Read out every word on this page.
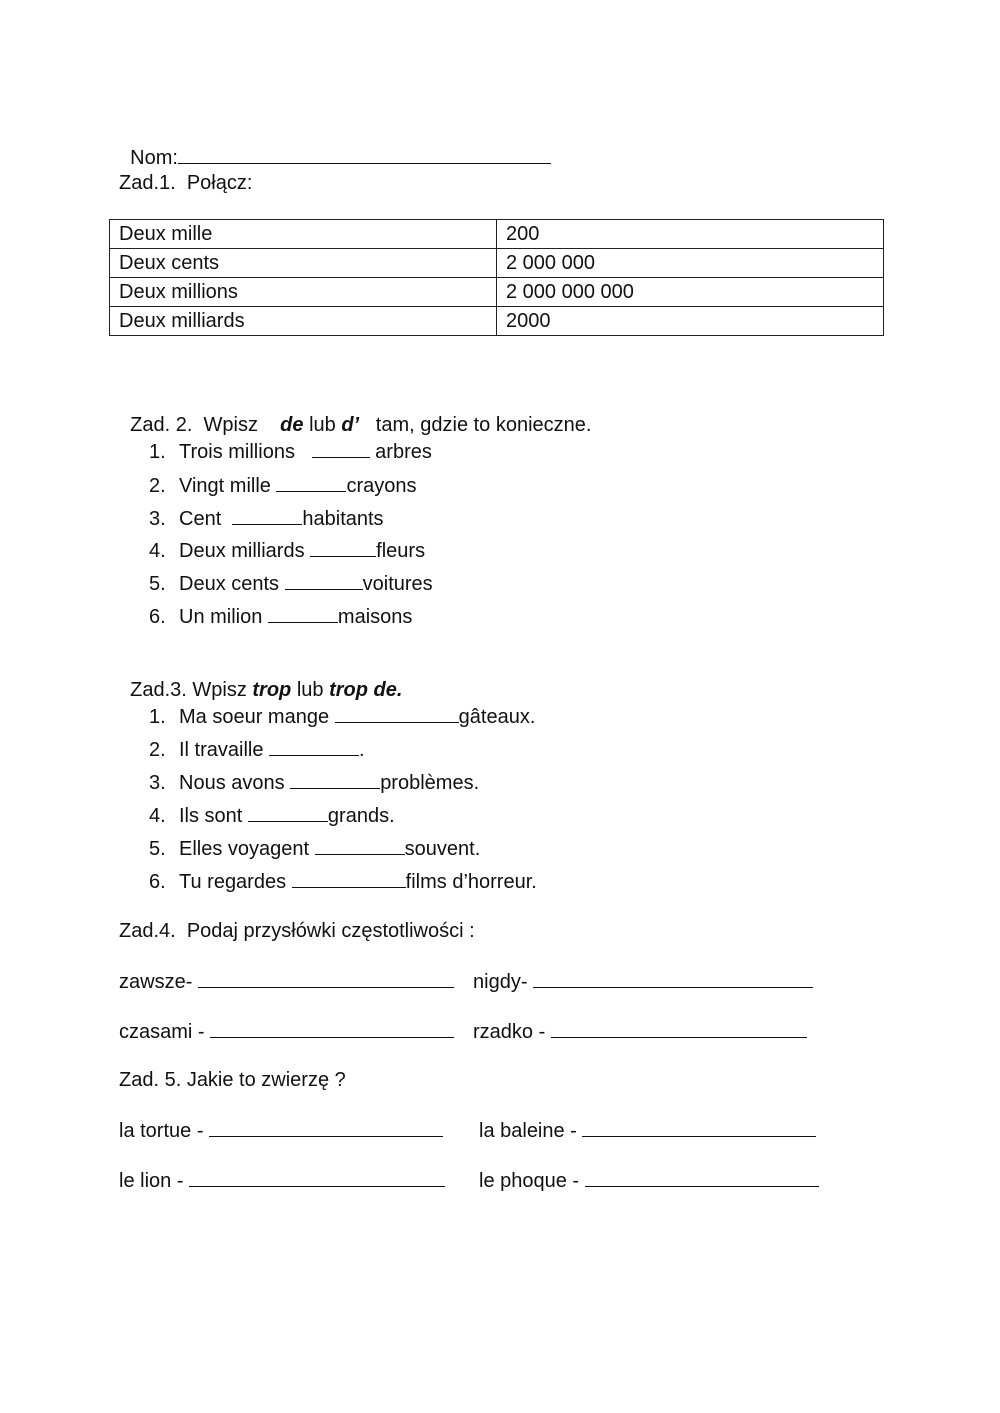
Nom:

Zad.1.  Połącz:
Deux mille	200
Deux cents	2 000 000
Deux millions	2 000 000 000
Deux milliards	2000

Zad. 2.  Wpisz de lub d’ tam, gdzie to konieczne.

1. Trois millions	arbres
2. Vingt mille	crayons
3. Cent	habitants
4. Deux milliards	fleurs
5. Deux cents	voitures
6. Un milion	maisons

Zad.3. Wpisz trop lub trop de.

1. Ma soeur mange	gâteaux.
2. Il travaille	.
3. Nous avons	problèmes.
4. Ils sont	grands.
5. Elles voyagent	souvent.
6. Tu regardes	films d’horreur.
Zad.4.  Podaj przysłówki częstotliwości :
zawsze-	nigdy-
czasami -	rzadko -
Zad. 5. Jakie to zwierzę ?
la tortue -	la baleine -
le lion -	le phoque -
